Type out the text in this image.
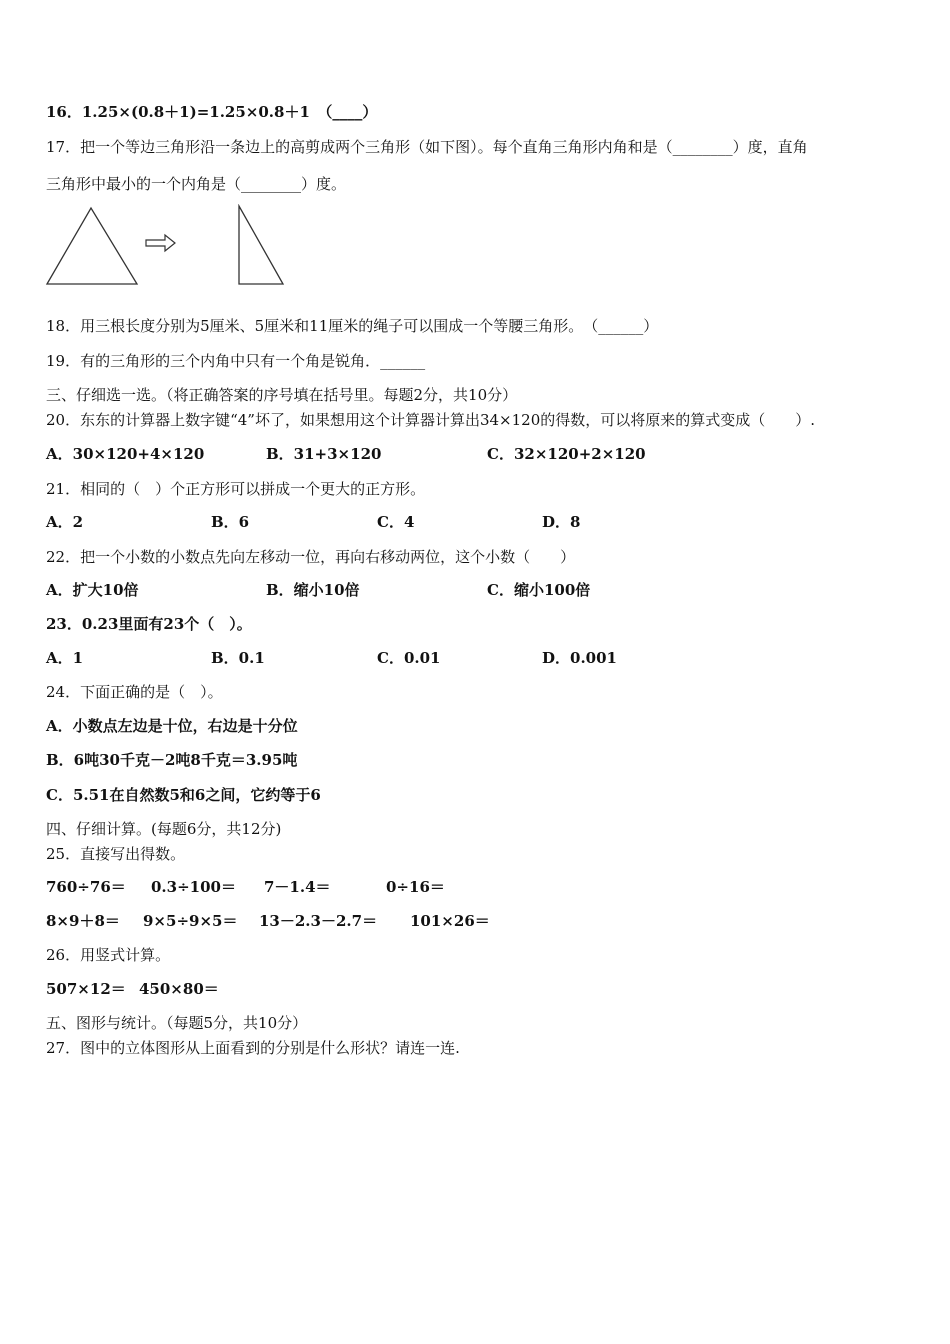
16．1.25×(0.8＋1)=1.25×0.8＋1　（____）
17．把一个等边三角形沿一条边上的高剪成两个三角形（如下图）。每个直角三角形内角和是（________）度，直角
三角形中最小的一个内角是（________）度。
18．用三根长度分别为5厘米、5厘米和11厘米的绳子可以围成一个等腰三角形。　（______）
19．有的三角形的三个内角中只有一个角是锐角．______
三、仔细选一选。（将正确答案的序号填在括号里。每题2分，共10分）
20．东东的计算器上数字键“4”坏了，如果想用这个计算器计算出34×120的得数，可以将原来的算式变成（　　）.
A．30×120+4×120	B．31+3×120	C．32×120+2×120
21．相同的（　）个正方形可以拼成一个更大的正方形。
A．2	B．6	C．4	D．8
22．把一个小数的小数点先向左移动一位，再向右移动两位，这个小数（　　）
A．扩大10倍	B．缩小10倍	C．缩小100倍
23．0.23里面有23个（　）。
A．1	B．0.1	C．0.01	D．0.001
24．下面正确的是（　）。
A．小数点左边是十位，右边是十分位
B．6吨30千克－2吨8千克＝3.95吨
C．5.51在自然数5和6之间，它约等于6
四、仔细计算。(每题6分，共12分)
25．直接写出得数。
760÷76＝ 0.3÷100＝ 7－1.4＝	0÷16＝
8×9＋8＝ 9×5÷9×5＝ 13－2.3－2.7＝ 101×26＝
26．用竖式计算。
507×12＝ 450×80＝
五、图形与统计。（每题5分，共10分）
27．图中的立体图形从上面看到的分别是什么形状？请连一连.
